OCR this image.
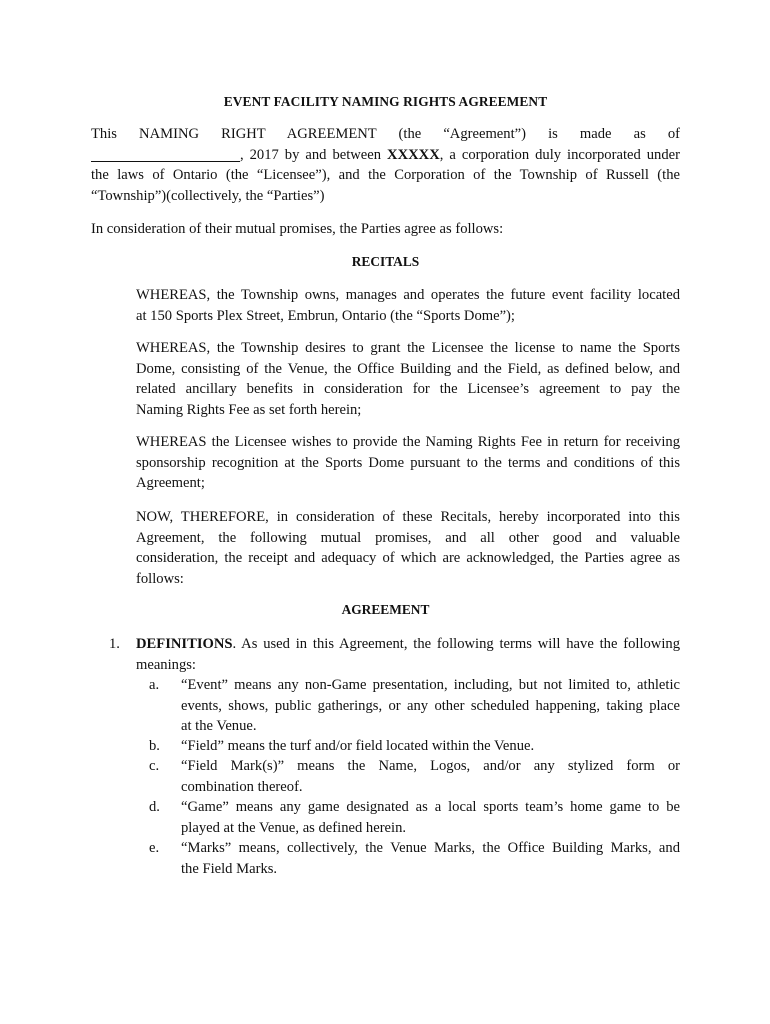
EVENT FACILITY NAMING RIGHTS AGREEMENT
This NAMING RIGHT AGREEMENT (the “Agreement”) is made as of
, 2017 by and between XXXXX, a corporation duly incorporated under
the laws of Ontario (the “Licensee”), and the Corporation of the Township of Russell (the
“Township”)(collectively, the “Parties”)
In consideration of their mutual promises, the Parties agree as follows:
RECITALS
WHEREAS, the Township owns, manages and operates the future event facility located
at 150 Sports Plex Street, Embrun, Ontario (the “Sports Dome”);
WHEREAS, the Township desires to grant the Licensee the license to name the Sports
Dome, consisting of the Venue, the Office Building and the Field, as defined below, and
related ancillary benefits in consideration for the Licensee’s agreement to pay the
Naming Rights Fee as set forth herein;
WHEREAS the Licensee wishes to provide the Naming Rights Fee in return for receiving
sponsorship recognition at the Sports Dome pursuant to the terms and conditions of this
Agreement;
NOW, THEREFORE, in consideration of these Recitals, hereby incorporated into this
Agreement, the following mutual promises, and all other good and valuable
consideration, the receipt and adequacy of which are acknowledged, the Parties agree as
follows:
AGREEMENT
1.	DEFINITIONS. As used in this Agreement, the following terms will have the following
meanings:
a.	“Event” means any non-Game presentation, including, but not limited to, athletic
events, shows, public gatherings, or any other scheduled happening, taking place
at the Venue.
b.	“Field” means the turf and/or field located within the Venue.
c.	“Field Mark(s)” means the Name, Logos, and/or any stylized form or
combination thereof.
d.	“Game” means any game designated as a local sports team’s home game to be
played at the Venue, as defined herein.
e.	“Marks” means, collectively, the Venue Marks, the Office Building Marks, and
the Field Marks.
